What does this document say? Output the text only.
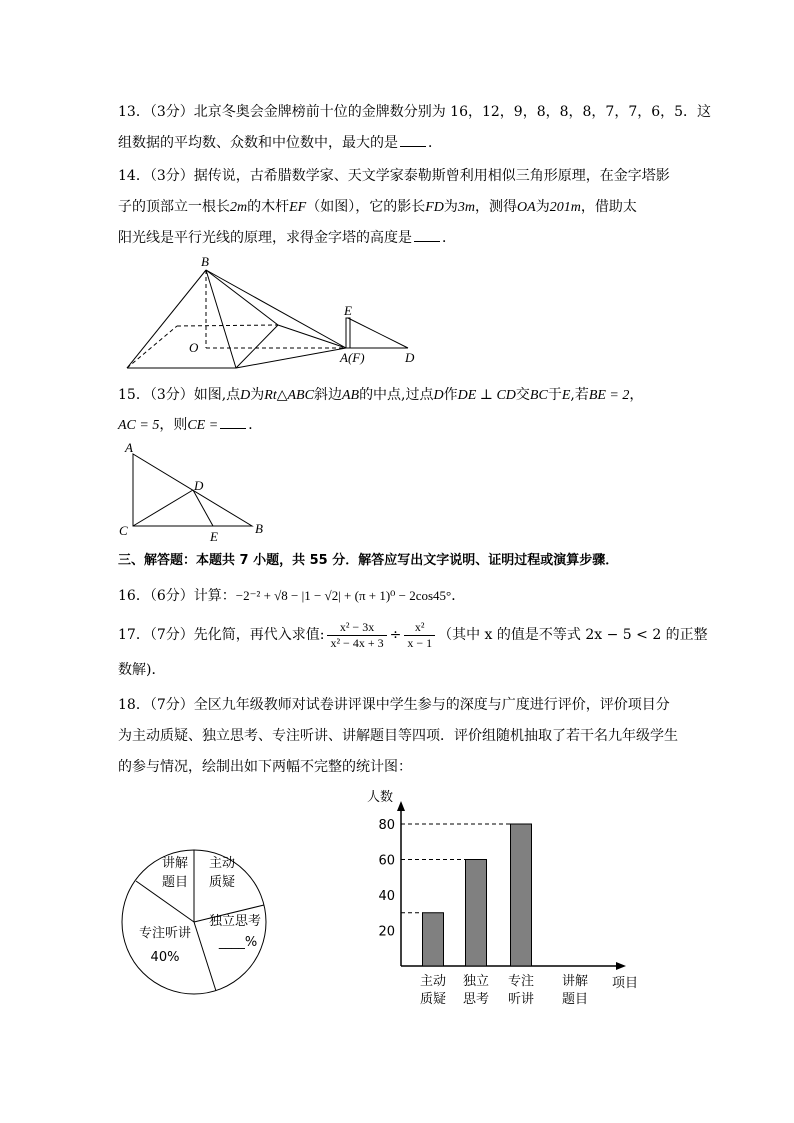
13．（3分）北京冬奥会金牌榜前十位的金牌数分别为 16，12，9，8，8，8，7，7，6，5．这
组数据的平均数、众数和中位数中，最大的是 ．
14．（3分）据传说，古希腊数学家、天文学家泰勒斯曾利用相似三角形原理，在金字塔影
子的顶部立一根长2m的木杆EF（如图），它的影长FD为3m，测得OA为201m，借助太
阳光线是平行光线的原理，求得金字塔的高度是 ．
B
O
E
A(F)	D
15．（3分）如图,点D为Rt△ABC斜边AB的中点,过点D作DE ⊥ CD交BC于E,若BE = 2，
AC = 5，则CE = ．
A
D
C	E
B
三、解答题：本题共 7 小题，共 55 分．解答应写出文字说明、证明过程或演算步骤．
16．（6分）计算：−2⁻² + √8 − |1 − √2| + (π + 1)⁰ − 2cos45°．
17．（7分）先化简，再代入求值: $\frac{\text{x² − 3x}}{\text{x² − 4x + 3}} \div \frac{\text{x²}}{x - 1}$ （其中 x 的值是不等式 2x − 5 < 2 的正整
数解)．
18．（7分）全区九年级教师对试卷讲评课中学生参与的深度与广度进行评价，评价项目分
为主动质疑、独立思考、专注听讲、讲解题目等四项．评价组随机抽取了若干名九年级学生
的参与情况，绘制出如下两幅不完整的统计图：
讲解
题目
主动
质疑
独立思考
____%
专注听讲
40%
人数
项目
20
40
60
80
主动
质疑
独立
思考
专注
听讲
讲解
题目
